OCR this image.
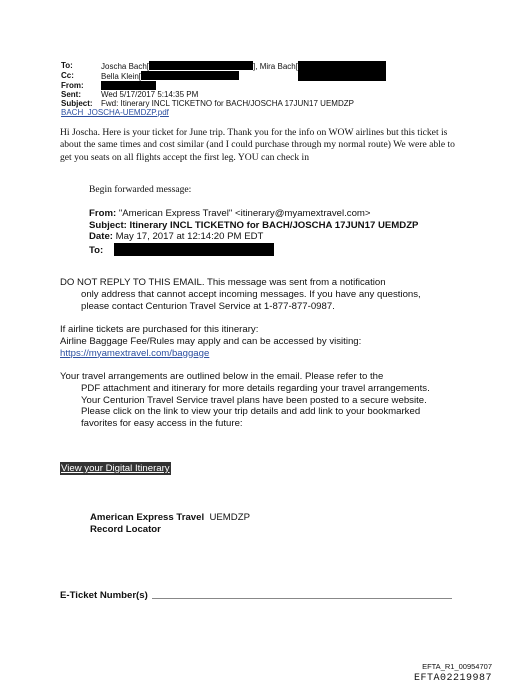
To:	Joscha Bach[	], Mira Bach[
Cc:	Bella Klein[
From:
Sent:	Wed 5/17/2017 5:14:35 PM
Subject: Fwd: Itinerary INCL TICKETNO for BACH/JOSCHA 17JUN17 UEMDZP
BACH_JOSCHA-UEMDZP.pdf
Hi Joscha. Here is your ticket for June trip. Thank you for the info on WOW airlines but this ticket is about the same times and cost similar (and I could purchase through my normal route) We were able to get you seats on all flights accept the first leg. YOU can check in
Begin forwarded message:
From: "American Express Travel" <itinerary@myamextravel.com>
Subject: Itinerary INCL TICKETNO for BACH/JOSCHA 17JUN17 UEMDZP
Date: May 17, 2017 at 12:14:20 PM EDT
To:
DO NOT REPLY TO THIS EMAIL. This message was sent from a notification
only address that cannot accept incoming messages. If you have any questions, please contact Centurion Travel Service at 1-877-877-0987.
If airline tickets are purchased for this itinerary:
Airline Baggage Fee/Rules may apply and can be accessed by visiting:
https://myamextravel.com/baggage
Your travel arrangements are outlined below in the email. Please refer to the
PDF attachment and itinerary for more details regarding your travel arrangements. Your Centurion Travel Service travel plans have been posted to a secure website. Please click on the link to view your trip details and add link to your bookmarked favorites for easy access in the future:
View your Digital Itinerary
American Express Travel UEMDZP
Record Locator
E-Ticket Number(s)
EFTA_R1_00954707
EFTA02219987
